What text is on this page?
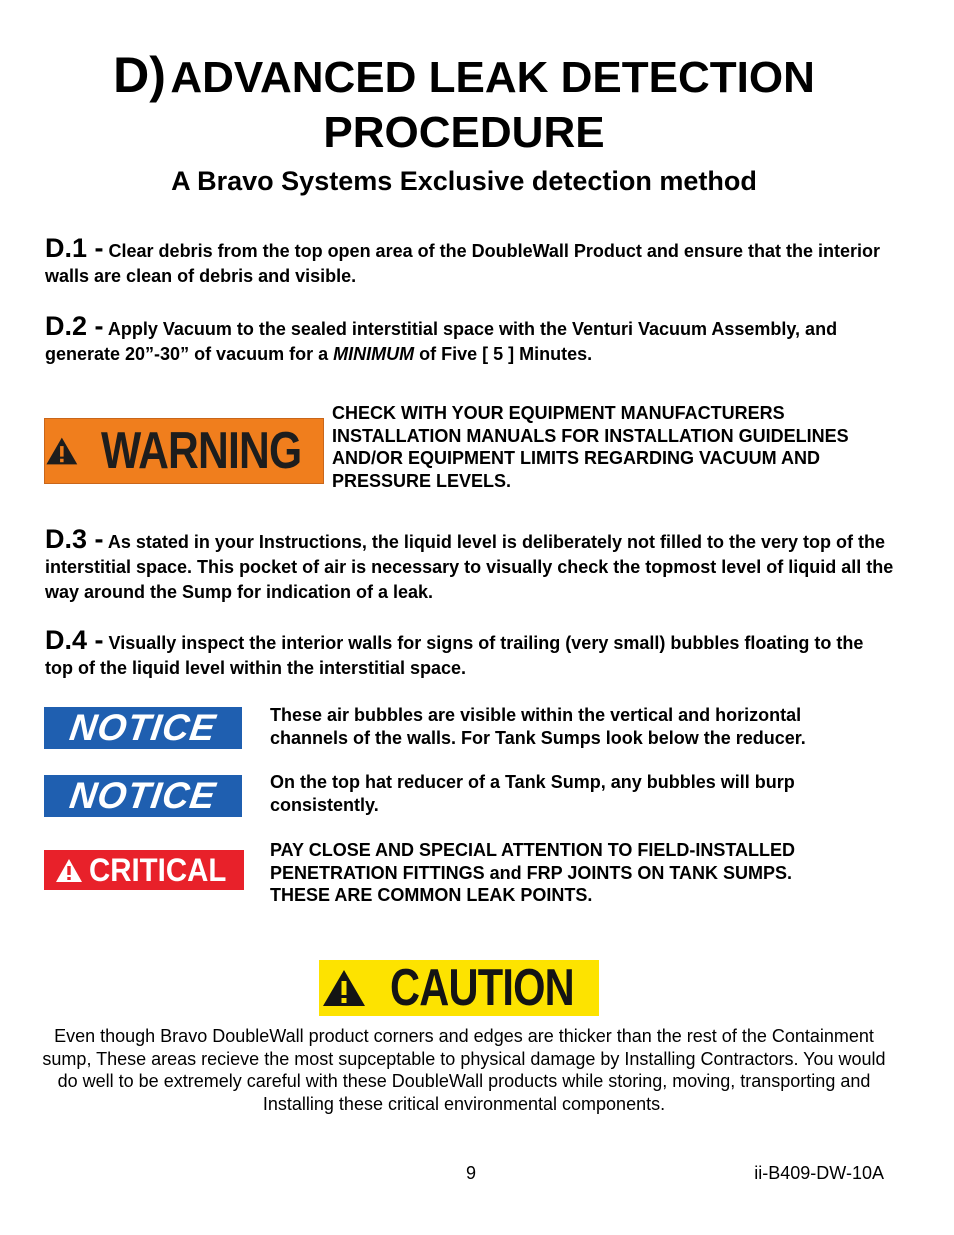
D) ADVANCED LEAK DETECTION
PROCEDURE
A Bravo Systems Exclusive detection method
D.1 - Clear debris from the top open area of the DoubleWall Product and ensure that the interior walls are clean of debris and visible.
D.2 - Apply Vacuum to the sealed interstitial space with the Venturi Vacuum Assembly, and generate 20”-30” of vacuum for a MINIMUM of Five [ 5 ] Minutes.
WARNING
CHECK WITH YOUR EQUIPMENT MANUFACTURERS INSTALLATION MANUALS FOR INSTALLATION GUIDELINES AND/OR EQUIPMENT LIMITS REGARDING VACUUM AND PRESSURE LEVELS.
D.3 - As stated in your Instructions, the liquid level is deliberately not filled to the very top of the interstitial space. This pocket of air is necessary to visually check the topmost level of liquid all the way around the Sump for indication of a leak.
D.4 - Visually inspect the interior walls for signs of trailing (very small) bubbles floating to the top of the liquid level within the interstitial space.
NOTICE	These air bubbles are visible within the vertical and horizontal channels of the walls. For Tank Sumps look below the reducer.
NOTICE	On the top hat reducer of a Tank Sump, any bubbles will burp consistently.
CRITICAL
PAY CLOSE AND SPECIAL ATTENTION TO FIELD-INSTALLED PENETRATION FITTINGS and FRP JOINTS ON TANK SUMPS. THESE ARE COMMON LEAK POINTS.
CAUTION
Even though Bravo DoubleWall product corners and edges are thicker than the rest of the Containment sump, These areas recieve the most supceptable to physical damage by Installing Contractors. You would do well to be extremely careful with these DoubleWall products while storing, moving, transporting and Installing these critical environmental components.
9	ii-B409-DW-10A
